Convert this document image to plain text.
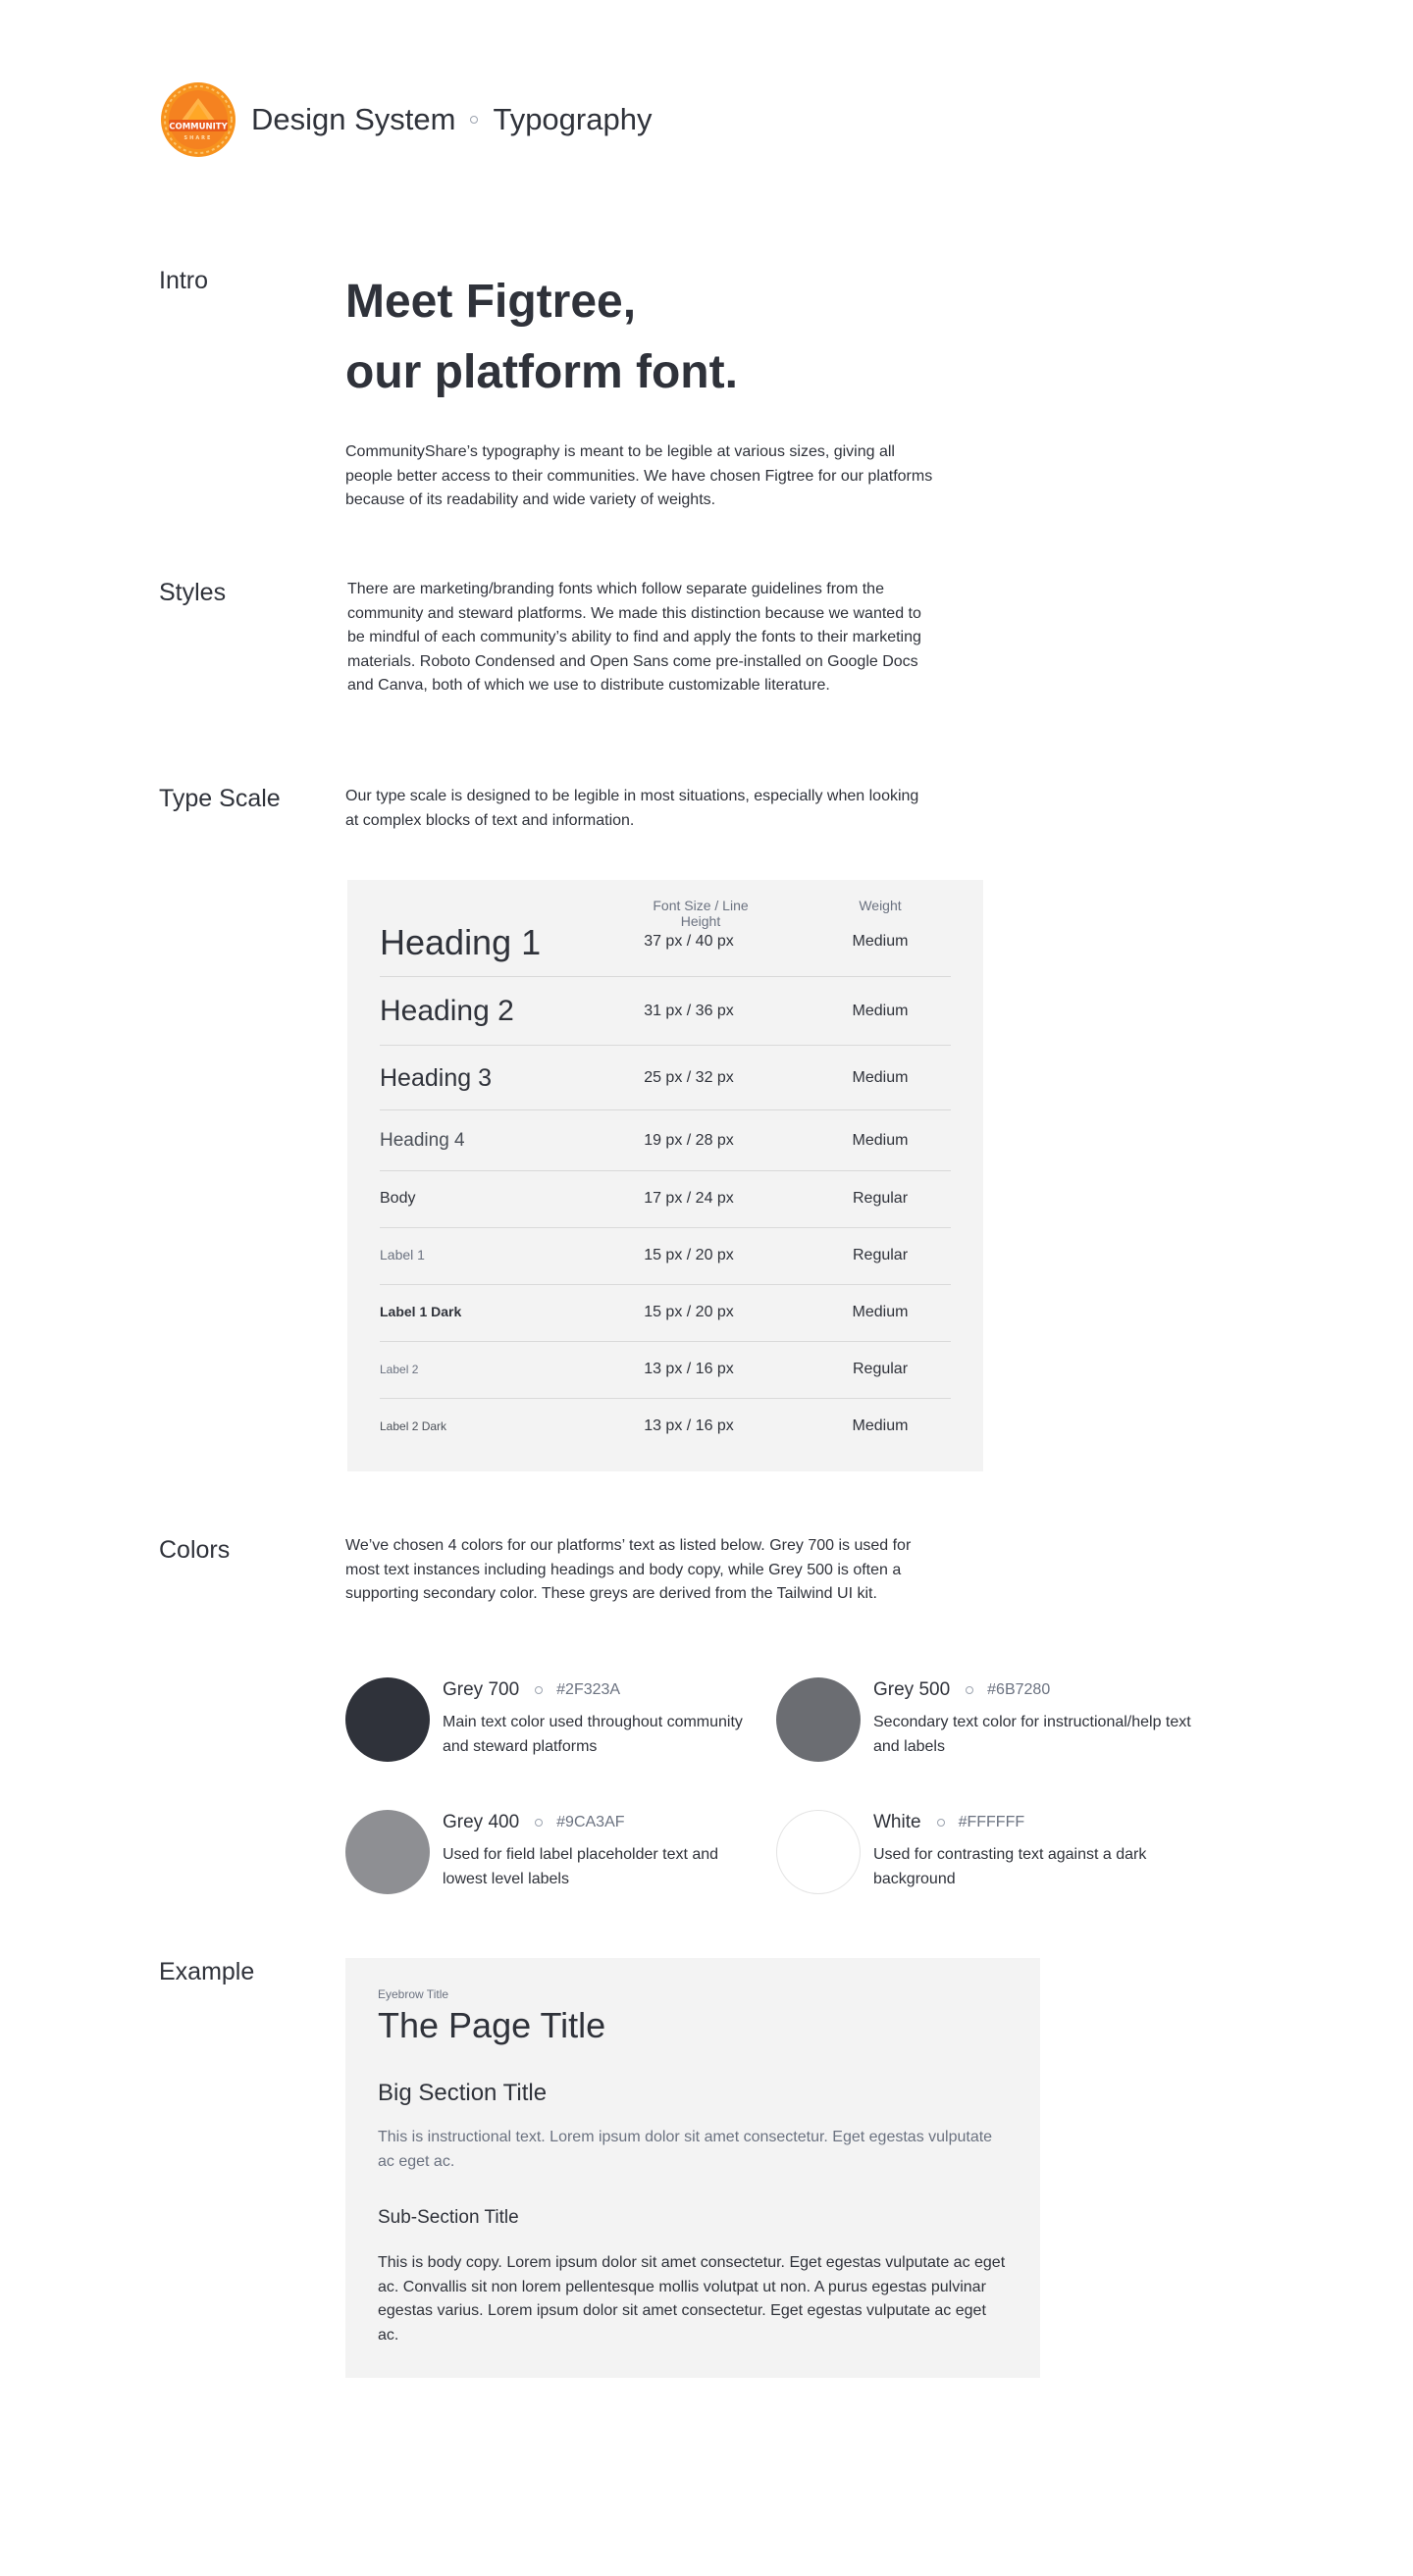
COMMUNITY
SHARE
Design System Typography
Intro	Meet Figtree,

our platform font.

CommunityShare’s typography is meant to be legible at various sizes, giving all people better access to their communities. We have chosen Figtree for our platforms because of its readability and wide variety of weights.

Styles	There are marketing/branding fonts which follow separate guidelines from the community and steward platforms. We made this distinction because we wanted to be mindful of each community’s ability to find and apply the fonts to their marketing materials. Roboto Condensed and Open Sans come pre-installed on Google Docs and Canva, both of which we use to distribute customizable literature.

Type Scale	Our type scale is designed to be legible in most situations, especially when looking at complex blocks of text and information.

Font Size / Line Height
Weight
Heading 1	37 px / 40 px	Medium
Heading 2	31 px / 36 px	Medium
Heading 3	25 px / 32 px	Medium
Heading 4	19 px / 28 px	Medium
Body	17 px / 24 px	Regular
Label 1	15 px / 20 px	Regular
Label 1 Dark	15 px / 20 px	Medium
Label 2	13 px / 16 px	Regular
Label 2 Dark	13 px / 16 px	Medium
Colors	We’ve chosen 4 colors for our platforms’ text as listed below. Grey 700 is used for most text instances including headings and body copy, while Grey 500 is often a supporting secondary color. These greys are derived from the Tailwind UI kit.

Grey 700 #2F323A
Main text color used throughout community and steward platforms
Grey 500 #6B7280
Secondary text color for instructional/help text and labels
Grey 400 #9CA3AF
Used for field label placeholder text and lowest level labels
White #FFFFFF
Used for contrasting text against a dark background
Example
Eyebrow Title
The Page Title
Big Section Title
This is instructional text. Lorem ipsum dolor sit amet consectetur. Eget egestas vulputate ac eget ac.
Sub-Section Title
This is body copy. Lorem ipsum dolor sit amet consectetur. Eget egestas vulputate ac eget ac. Convallis sit non lorem pellentesque mollis volutpat ut non. A purus egestas pulvinar egestas varius. Lorem ipsum dolor sit amet consectetur. Eget egestas vulputate ac eget ac.
